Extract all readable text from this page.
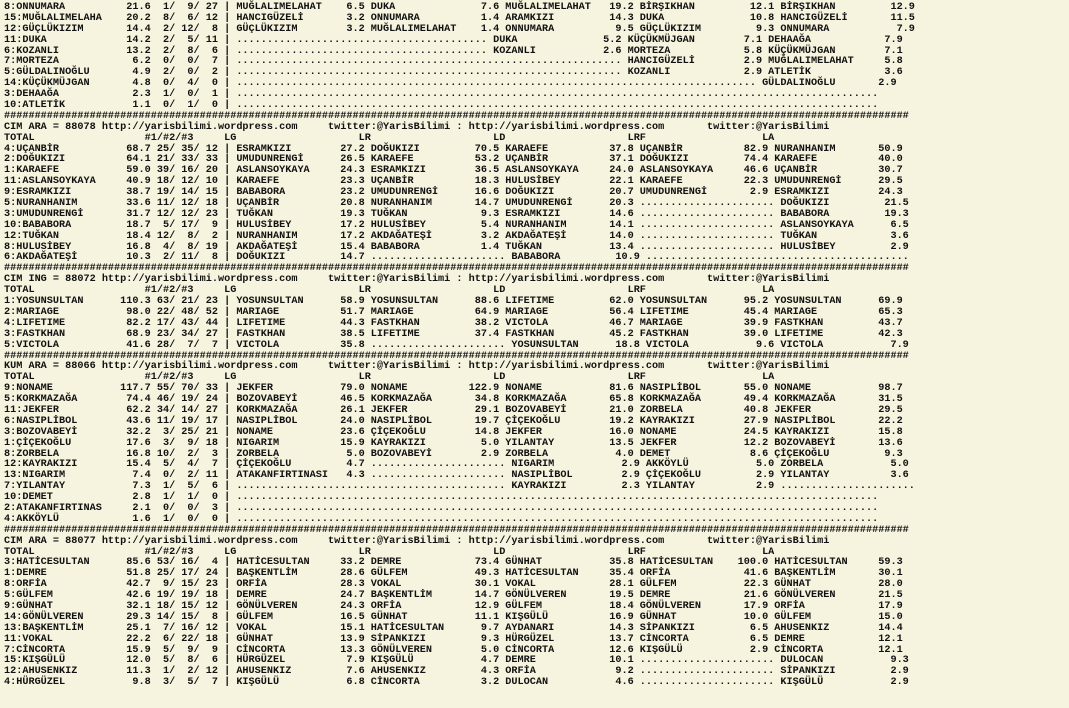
8:ONNUMARA          21.6  1/  9/ 27 | MUĞLALIMELAHAT    6.5 DUKA              7.6 MUĞLALIMELAHAT   19.2 BİRŞIKHAN         12.1 BİRŞIKHAN         12.9
15:MUĞLALIMELAHA    20.2  8/  6/ 12 | HANCIGÜZELİ       3.2 ONNUMARA          1.4 ARAMKIZI         14.3 DUKA              10.8 HANCIGÜZELİ       11.5
12:GÜÇLÜKIZIM       14.4  2/ 12/  8 | GÜÇLÜKIZIM        3.2 MUĞLALIMELAHAT    1.4 ONNUMARA          9.5 GÜÇLÜKIZIM         9.3 ONNUMARA           7.9
11:DUKA             14.2  2/  5/ 11 | ......................................... DUKA              5.2 KÜÇÜKMÜJGAN        7.1 DEHAAĞA            7.9
6:KOZANLI           13.2  2/  8/  6 | ......................................... KOZANLI           2.6 MORTEZA            5.8 KÜÇÜKMÜJGAN        7.1
7:MORTEZA            6.2  0/  0/  7 | ............................................................... HANCIGÜZELİ        2.9 MUĞLALIMELAHAT     5.8
5:GÜLDALINOĞLU       4.9  2/  0/  2 | ............................................................... KOZANLI            2.9 ATLETİK            3.6
14:KÜÇÜKMÜJGAN       4.8  0/  4/  0 | ..................................................................................... GÜLDALINOĞLU       2.9
3:DEHAAĞA            2.3  1/  0/  1 | .........................................................................................................
10:ATLETİK           1.1  0/  1/  0 | .........................................................................................................
####################################################################################################################################################
CIM ARA = 88078 http://yarisbilimi.wordpress.com     twitter:@YarisBilimi : http://yarisbilimi.wordpress.com       twitter:@YarisBilimi
TOTAL                  #1/#2/#3     LG                    LR                    LD                    LRF                   LA
4:UÇANBİR           68.7 25/ 35/ 12 | ESRAMKIZI        27.2 DOĞUKIZI         70.5 KARAEFE          37.8 UÇANBİR          82.9 NURANHANIM       50.9
2:DOĞUKIZI          64.1 21/ 33/ 33 | UMUDUNRENGİ      26.5 KARAEFE          53.2 UÇANBİR          37.1 DOĞUKIZI         74.4 KARAEFE          40.0
1:KARAEFE           59.0 39/ 16/ 20 | ASLANSOYKAYA     24.3 ESRAMKIZI        36.5 ASLANSOYKAYA     24.0 ASLANSOYKAYA     46.6 UÇANBİR          30.7
11:ASLANSOYKAYA     40.9 18/ 12/ 10 | KARAEFE          23.3 UÇANBİR          18.3 HULUSİBEY        22.1 KARAEFE          22.3 UMUDUNRENGİ      29.5
9:ESRAMKIZI         38.7 19/ 14/ 15 | BABABORA         23.2 UMUDUNRENGİ      16.6 DOĞUKIZI         20.7 UMUDUNRENGİ       2.9 ESRAMKIZI        24.3
5:NURANHANIM        33.6 11/ 12/ 18 | UÇANBİR          20.8 NURANHANIM       14.7 UMUDUNRENGİ      20.3 ...................... DOĞUKIZI         21.5
3:UMUDUNRENGİ       31.7 12/ 12/ 23 | TUĞKAN           19.3 TUĞKAN            9.3 ESRAMKIZI        14.6 ...................... BABABORA         19.3
10:BABABORA         18.7  5/ 17/  9 | HULUSİBEY        17.2 HULUSİBEY         5.4 NURANHANIM       14.1 ...................... ASLANSOYKAYA      6.5
12:TUĞKAN           18.4 12/  8/  2 | NURANHANIM       17.2 AKDAĞATEŞİ        3.2 AKDAĞATEŞİ       14.0 ...................... TUĞKAN            3.6
8:HULUSİBEY         16.8  4/  8/ 19 | AKDAĞATEŞİ       15.4 BABABORA          1.4 TUĞKAN           13.4 ...................... HULUSİBEY         2.9
6:AKDAĞATEŞİ        10.3  2/ 11/  8 | DOĞUKIZI         14.7 ...................... BABABORA         10.9 ...........................................
####################################################################################################################################################
CIM ING = 88072 http://yarisbilimi.wordpress.com     twitter:@YarisBilimi : http://yarisbilimi.wordpress.com       twitter:@YarisBilimi
TOTAL                  #1/#2/#3     LG                    LR                    LD                    LRF                   LA
1:YOSUNSULTAN      110.3 63/ 21/ 23 | YOSUNSULTAN      58.9 YOSUNSULTAN      88.6 LIFETIME         62.0 YOSUNSULTAN      95.2 YOSUNSULTAN      69.9
2:MARIAGE           98.0 22/ 48/ 52 | MARIAGE          51.7 MARIAGE          64.9 MARIAGE          56.4 LIFETIME         45.4 MARIAGE          65.3
4:LIFETIME          82.2 17/ 43/ 44 | LIFETIME         44.3 FASTKHAN         38.2 VICTOLA          46.7 MARIAGE          39.9 FASTKHAN         43.7
3:FASTKHAN          68.9 23/ 34/ 27 | FASTKHAN         38.5 LIFETIME         37.4 FASTKHAN         45.2 FASTKHAN         39.0 LIFETIME         42.3
5:VICTOLA           41.6 28/  7/  7 | VICTOLA          35.8 ...................... YOSUNSULTAN      18.8 VICTOLA           9.6 VICTOLA           7.9
####################################################################################################################################################
KUM ARA = 88066 http://yarisbilimi.wordpress.com     twitter:@YarisBilimi : http://yarisbilimi.wordpress.com       twitter:@YarisBilimi
TOTAL                  #1/#2/#3     LG                    LR                    LD                    LRF                   LA
9:NONAME           117.7 55/ 70/ 33 | JEKFER           79.0 NONAME          122.9 NONAME           81.6 NASIPLİBOL       55.0 NONAME           98.7
5:KORKMAZAĞA        74.4 46/ 19/ 24 | BOZOVABEYİ       46.5 KORKMAZAĞA       34.8 KORKMAZAĞA       65.8 KORKMAZAĞA       49.4 KORKMAZAĞA       31.5
11:JEKFER           62.2 34/ 14/ 27 | KORKMAZAĞA       26.1 JEKFER           29.1 BOZOVABEYİ       21.0 ZORBELA          40.8 JEKFER           29.5
6:NASIPLİBOL        43.6 11/ 19/ 17 | NASIPLİBOL       24.0 NASIPLİBOL       19.7 ÇİÇEKOĞLU        19.2 KAYRAKIZI        27.9 NASIPLİBOL       22.2
3:BOZOVABEYİ        32.2  3/ 25/ 21 | NONAME           23.6 ÇİÇEKOĞLU        14.8 JEKFER           16.0 NONAME           24.5 KAYRAKIZI        15.8
1:ÇİÇEKOĞLU         17.6  3/  9/ 18 | NIGARIM          15.9 KAYRAKIZI         5.0 YILANTAY         13.5 JEKFER           12.2 BOZOVABEYİ       13.6
8:ZORBELA           16.8 10/  2/  3 | ZORBELA           5.0 BOZOVABEYİ        2.9 ZORBELA           4.0 DEMET             8.6 ÇİÇEKOĞLU         9.3
12:KAYRAKIZI        15.4  5/  4/  7 | ÇİÇEKOĞLU         4.7 ...................... NIGARIM           2.9 AKKÖYLÜ           5.0 ZORBELA           5.0
13:NIGARIM           7.4  0/  2/ 11 | ATAKANFIRTINASI   4.3 ...................... NASIPLİBOL        2.9 ÇİÇEKOĞLU         2.9 YILANTAY          3.6
7:YILANTAY           7.3  1/  5/  6 | ............................................ KAYRAKIZI         2.3 YILANTAY          2.9 ......................
10:DEMET             2.8  1/  1/  0 | .........................................................................................................
2:ATAKANFIRTINAS     2.1  0/  0/  3 | .........................................................................................................
4:AKKÖYLÜ            1.6  1/  0/  0 | .........................................................................................................
####################################################################################################################################################
CIM ARA = 88077 http://yarisbilimi.wordpress.com     twitter:@YarisBilimi : http://yarisbilimi.wordpress.com       twitter:@YarisBilimi
TOTAL                  #1/#2/#3     LG                    LR                    LD                    LRF                   LA
3:HATİCESULTAN      85.6 53/ 16/  4 | HATİCESULTAN     33.2 DEMRE            73.4 GÜNHAT           35.8 HATİCESULTAN    100.0 HATİCESULTAN     59.3
1:DEMRE             51.8 25/ 17/ 24 | BAŞKENTLİM       28.6 GÜLFEM           49.3 HATİCESULTAN     35.4 ORFİA            41.6 BAŞKENTLİM       30.1
8:ORFİA             42.7  9/ 15/ 23 | ORFİA            28.3 VOKAL            30.1 VOKAL            28.1 GÜLFEM           22.3 GÜNHAT           28.0
5:GÜLFEM            42.6 19/ 19/ 18 | DEMRE            24.7 BAŞKENTLİM       14.7 GÖNÜLVEREN       19.5 DEMRE            21.6 GÖNÜLVEREN       21.5
9:GÜNHAT            32.1 18/ 15/ 12 | GÖNÜLVEREN       24.3 ORFİA            12.9 GÜLFEM           18.4 GÖNÜLVEREN       17.9 ORFİA            17.9
14:GÖNÜLVEREN       29.3 14/ 15/  8 | GÜLFEM           16.5 GÜNHAT           11.1 KIŞGÜLÜ          16.9 GÜNHAT           10.0 GÜLFEM           15.0
13:BAŞKENTLİM       25.1  7/ 16/ 12 | VOKAL            15.1 HATİCESULTAN      9.7 AYDANARI         14.3 SİPANKIZI         6.5 AHUSENKIZ        14.4
11:VOKAL            22.2  6/ 22/ 18 | GÜNHAT           13.9 SİPANKIZI         9.3 HÜRGÜZEL         13.7 CİNCORTA          6.5 DEMRE            12.1
7:CİNCORTA          15.9  5/  9/  9 | CİNCORTA         13.3 GÖNÜLVEREN        5.0 CİNCORTA         12.6 KIŞGÜLÜ           2.9 CİNCORTA         12.1
15:KIŞGÜLÜ          12.0  5/  8/  6 | HÜRGÜZEL          7.9 KIŞGÜLÜ           4.7 DEMRE            10.1 ...................... DULOCAN           9.3
12:AHUSENKIZ        11.3  1/  2/ 12 | AHUSENKIZ         7.6 AHUSENKIZ         4.3 ORFİA             9.2 ...................... SİPANKIZI         2.9
4:HÜRGÜZEL           9.8  3/  5/  7 | KIŞGÜLÜ           6.8 CİNCORTA          3.2 DULOCAN           4.6 ...................... KIŞGÜLÜ           2.9
